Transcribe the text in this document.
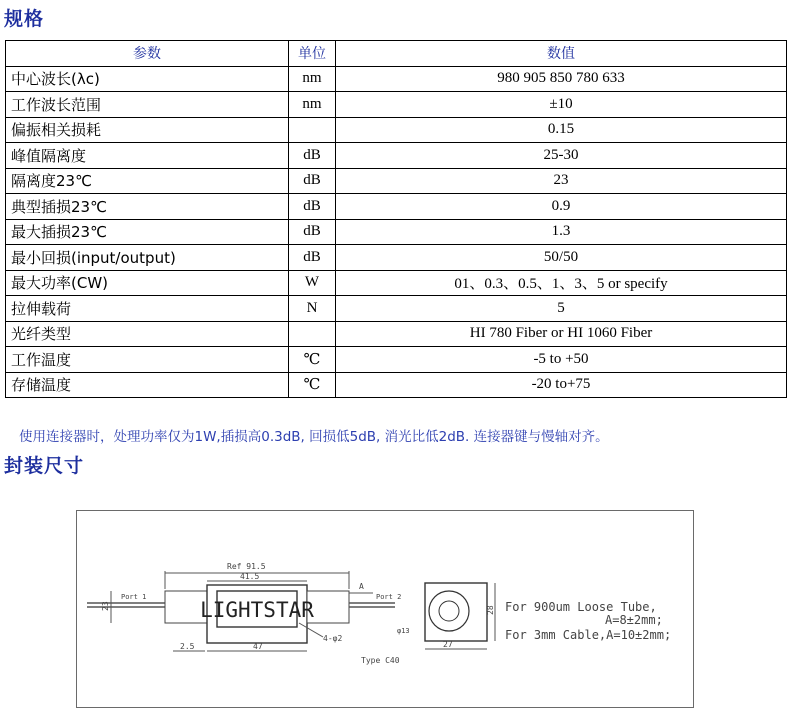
规格
参数	单位	数值
中心波长(λc)	nm	980 905 850 780 633
工作波长范围	nm	±10
偏振相关损耗		0.15
峰值隔离度	dB	25-30
隔离度23℃	dB	23
典型插损23℃	dB	0.9
最大插损23℃	dB	1.3
最小回损(input/output)	dB	50/50
最大功率(CW)	W	01、0.3、0.5、1、3、5 or specify
拉伸载荷	N	5
光纤类型		HI 780 Fiber or HI 1060 Fiber
工作温度	℃	-5 to +50
存储温度	℃	-20 to+75
使用连接器时，处理功率仅为1W,插损高0.3dB, 回损低5dB, 消光比低2dB. 连接器键与慢轴对齐。
封装尺寸
Ref 91.5
41.5
A
Port 1	Port 2
23	LIGHTSTAR
4-φ2
2.5	47
φ13
28
27
Type C40
For 900um Loose Tube,
A=8±2mm;
For 3mm Cable,A=10±2mm;
